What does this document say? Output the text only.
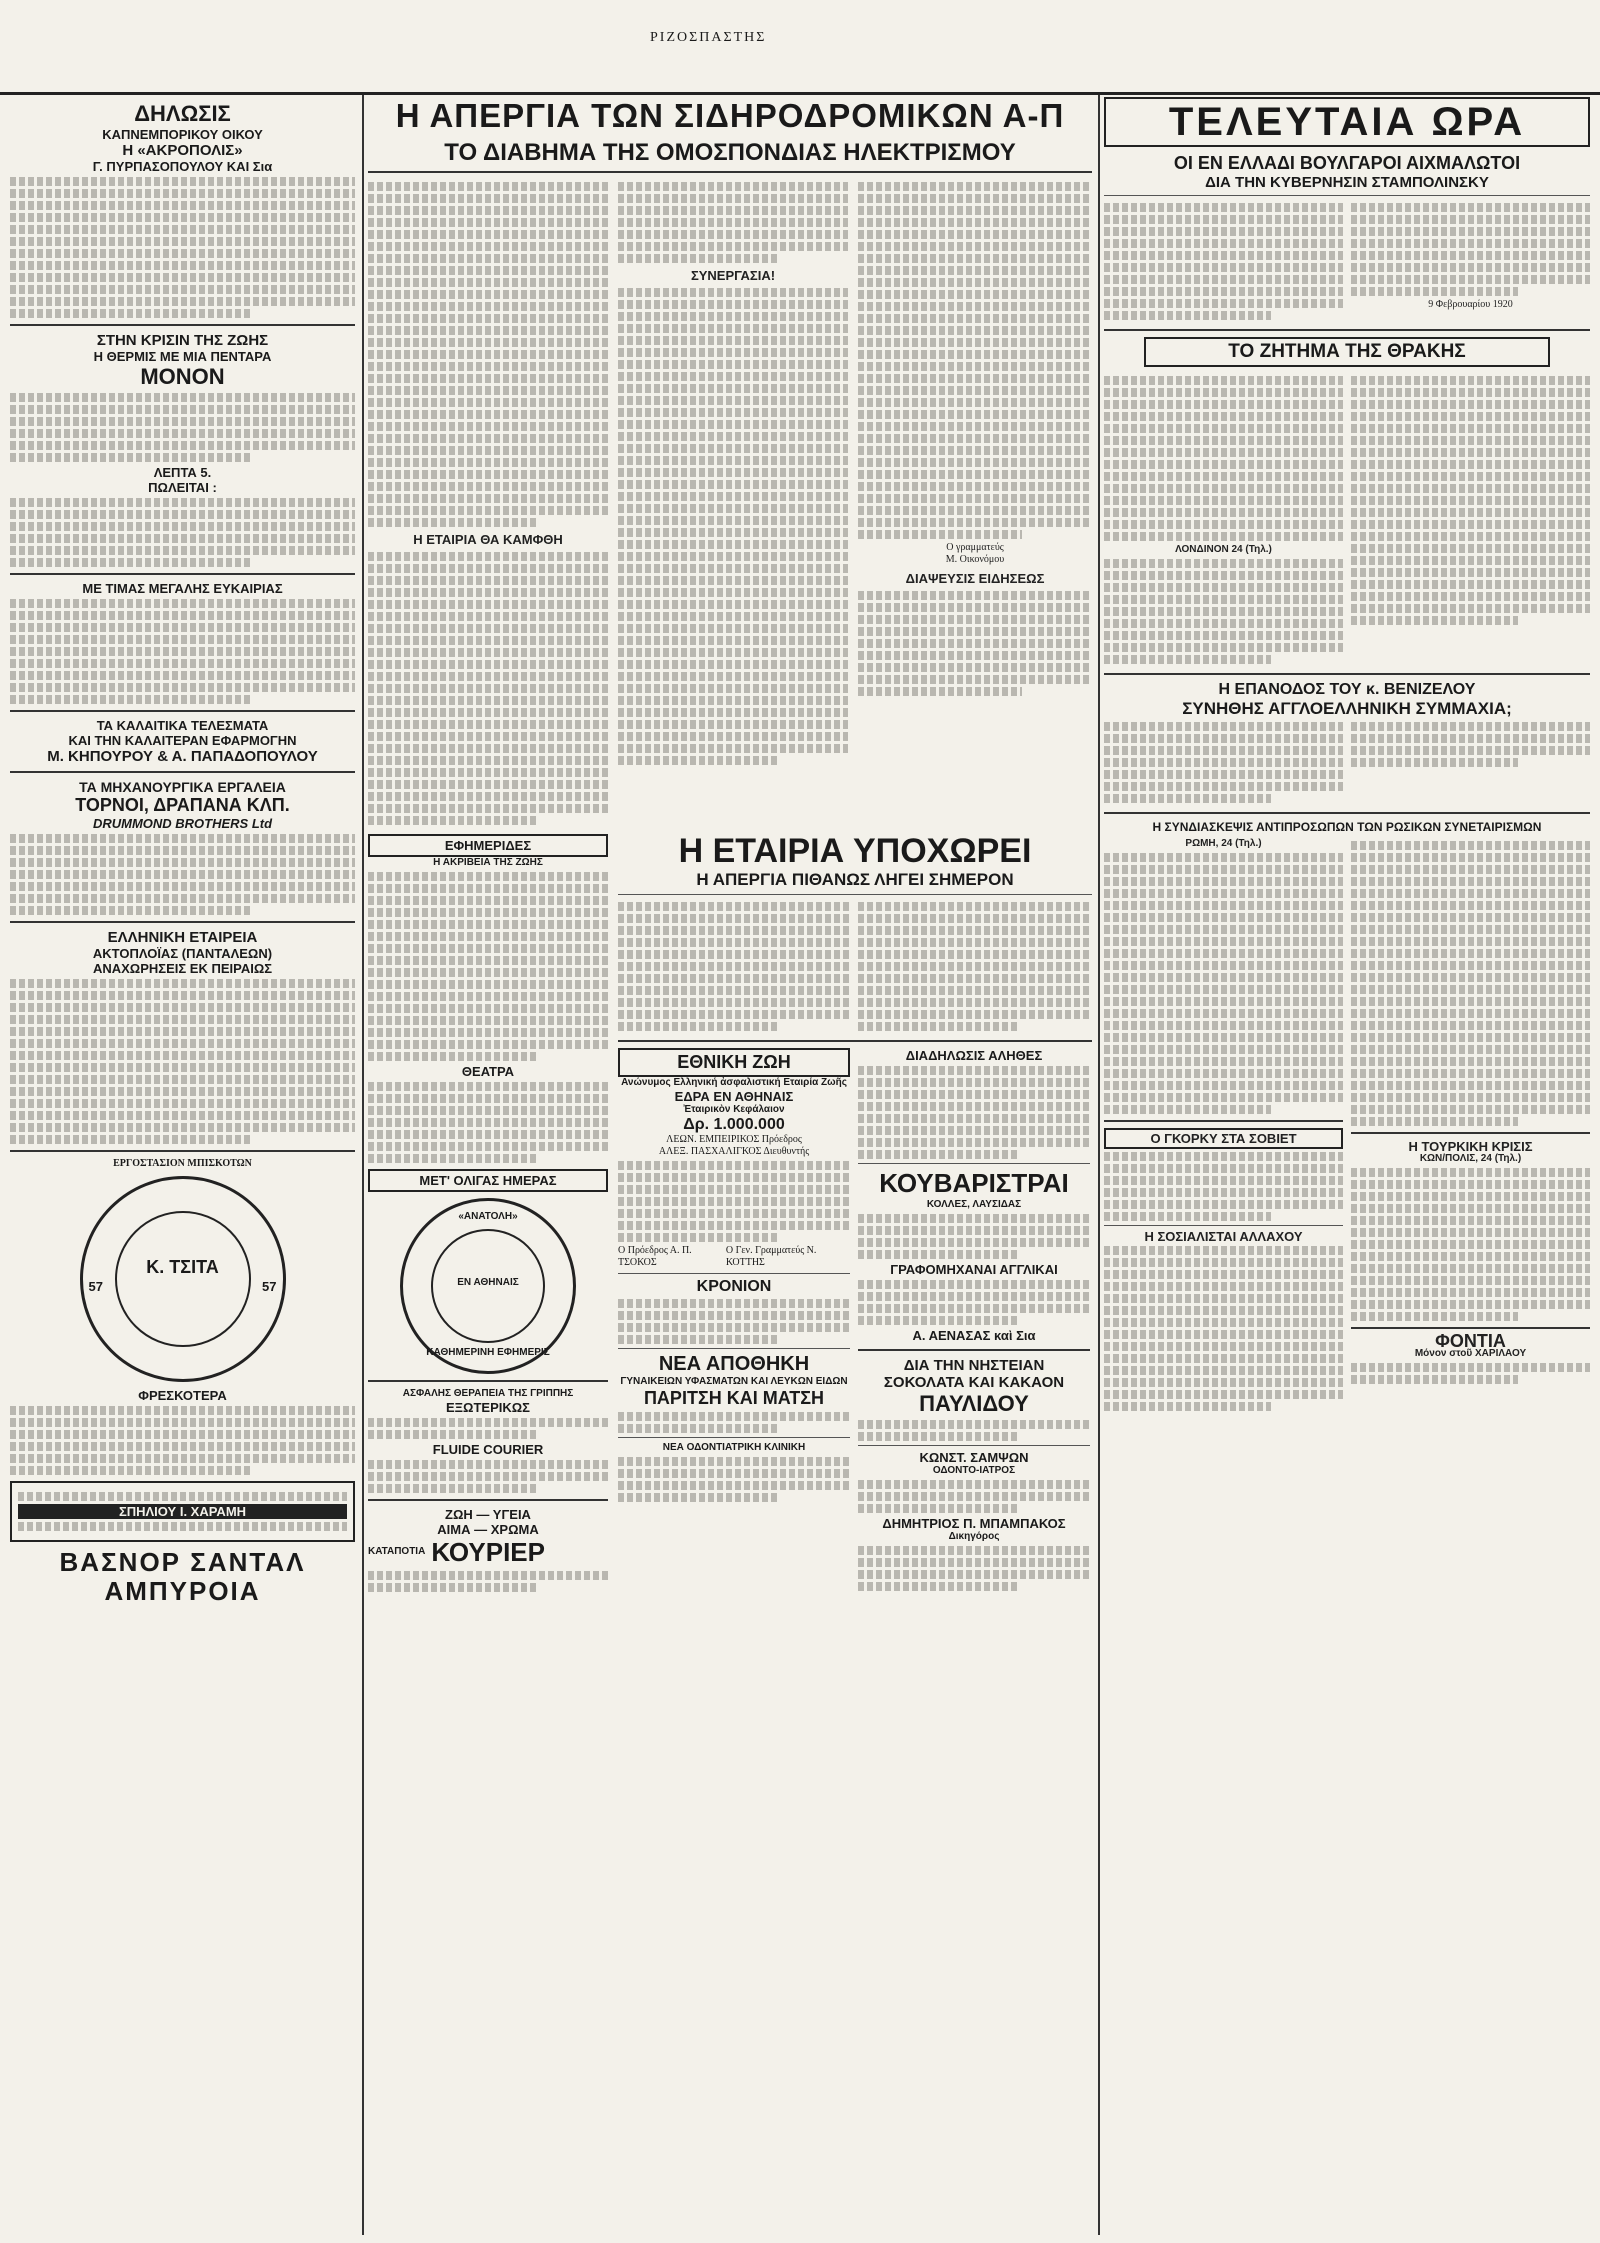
ΡΙΖΟΣΠΑΣΤΗΣ
ΔΗΛΩΣΙΣ
ΚΑΠΝΕΜΠΟΡΙΚΟΥ ΟΙΚΟΥ
Η «ΑΚΡΟΠΟΛΙΣ»
Γ. ΠΥΡΠΑΣΟΠΟΥΛΟΥ ΚΑΙ Σια
ΣΤΗΝ ΚΡΙΣΙΝ ΤΗΣ ΖΩΗΣ
Η ΘΕΡΜΙΣ ΜΕ ΜΙΑ ΠΕΝΤΑΡΑ
ΜΟΝΟΝ
ΛΕΠΤΑ 5.
ΠΩΛΕΙΤΑΙ :
ΜΕ ΤΙΜΑΣ ΜΕΓΑΛΗΣ ΕΥΚΑΙΡΙΑΣ
ΤΑ ΚΑΛΑΙΤΙΚΑ ΤΕΛΕΣΜΑΤΑ
ΚΑΙ ΤΗΝ ΚΑΛΑΙΤΕΡΑΝ ΕΦΑΡΜΟΓΗΝ
Μ. ΚΗΠΟΥΡΟΥ & Α. ΠΑΠΑΔΟΠΟΥΛΟΥ
ΤΑ ΜΗΧΑΝΟΥΡΓΙΚΑ ΕΡΓΑΛΕΙΑ
ΤΟΡΝΟΙ, ΔΡΑΠΑΝΑ ΚΛΠ.
DRUMMOND BROTHERS Ltd
ΕΛΛΗΝΙΚΗ ΕΤΑΙΡΕΙΑ
ΑΚΤΟΠΛΟΪΑΣ (ΠΑΝΤΑΛΕΩΝ)
ΑΝΑΧΩΡΗΣΕΙΣ ΕΚ ΠΕΙΡΑΙΩΣ
ΕΡΓΟΣΤΑΣΙΟΝ ΜΠΙΣΚΟΤΩΝ
Κ. ΤΣΙΤΑ
57	57
ΦΡΕΣΚΟΤΕΡΑ
ΣΠΗΛΙΟΥ Ι. ΧΑΡΑΜΗ
ΒΑΣΝΟΡ ΣΑΝΤΑΛ ΑΜΠΥΡΟΙΑ
Η ΑΠΕΡΓΙΑ ΤΩΝ ΣΙΔΗΡΟΔΡΟΜΙΚΩΝ Α-Π
ΤΟ ΔΙΑΒΗΜΑ ΤΗΣ ΟΜΟΣΠΟΝΔΙΑΣ ΗΛΕΚΤΡΙΣΜΟΥ
Η ΕΤΑΙΡΙΑ ΘΑ ΚΑΜΦΘΗ
ΣΥΝΕΡΓΑΣΙΑ!
Ο γραμματεύς
Μ. Οικονόμου
ΔΙΑΨΕΥΣΙΣ ΕΙΔΗΣΕΩΣ
ΕΦΗΜΕΡΙΔΕΣ
Η ΑΚΡΙΒΕΙΑ ΤΗΣ ΖΩΗΣ
ΘΕΑΤΡΑ
ΜΕΤ' ΟΛΙΓΑΣ ΗΜΕΡΑΣ
«ΑΝΑΤΟΛΗ»
ΕΝ ΑΘΗΝΑΙΣ
ΚΑΘΗΜΕΡΙΝΗ ΕΦΗΜΕΡΙΣ
ΑΣΦΑΛΗΣ ΘΕΡΑΠΕΙΑ ΤΗΣ ΓΡΙΠΠΗΣ
ΕΞΩΤΕΡΙΚΩΣ
FLUIDE COURIER
ΖΩΗ — ΥΓΕΙΑ
ΑΙΜΑ — ΧΡΩΜΑ
ΚΑΤΑΠΟΤΙΑ ΚΟΥΡΙΕΡ
Η ΕΤΑΙΡΙΑ ΥΠΟΧΩΡΕΙ
Η ΑΠΕΡΓΙΑ ΠΙΘΑΝΩΣ ΛΗΓΕΙ ΣΗΜΕΡΟΝ
ΕΘΝΙΚΗ ΖΩΗ
Ανώνυμος Ελληνική ἀσφαλιστική Εταιρία Ζωῆς
ΕΔΡΑ ΕΝ ΑΘΗΝΑΙΣ
Ἐταιρικὸν Κεφάλαιον
Δρ. 1.000.000
ΛΕΩΝ. ΕΜΠΕΙΡΙΚΟΣ Πρόεδρος
ΑΛΕΞ. ΠΑΣΧΑΛΙΓΚΟΣ Διευθυντής
Ο Πρόεδρος Α. Π. ΤΣΟΚΟΣ
Ο Γεν. Γραμματεύς Ν. ΚΟΤΤΗΣ
ΚΡΟΝΙΟΝ
ΝΕΑ ΑΠΟΘΗΚΗ
ΓΥΝΑΙΚΕΙΩΝ ΥΦΑΣΜΑΤΩΝ ΚΑΙ ΛΕΥΚΩΝ ΕΙΔΩΝ
ΠΑΡΙΤΣΗ ΚΑΙ ΜΑΤΣΗ
ΝΕΑ ΟΔΟΝΤΙΑΤΡΙΚΗ ΚΛΙΝΙΚΗ
ΔΙΑΔΗΛΩΣΙΣ ΑΛΗΘΕΣ
ΚΟΥΒΑΡΙΣΤΡΑΙ
ΚΟΛΛΕΣ, ΛΑΥΣΙΔΑΣ
ΓΡΑΦΟΜΗΧΑΝΑΙ ΑΓΓΛΙΚΑΙ
Α. ΑΕΝΑΣΑΣ καὶ Σια
ΔΙΑ ΤΗΝ ΝΗΣΤΕΙΑΝ
ΣΟΚΟΛΑΤΑ ΚΑΙ ΚΑΚΑΟΝ
ΠΑΥΛΙΔΟΥ
ΚΩΝΣΤ. ΣΑΜΨΩΝ
ΟΔΟΝΤΟ-ΙΑΤΡΟΣ
ΔΗΜΗΤΡΙΟΣ Π. ΜΠΑΜΠΑΚΟΣ
Δικηγόρος
ΤΕΛΕΥΤΑΙΑ ΩΡΑ
ΟΙ ΕΝ ΕΛΛΑΔΙ ΒΟΥΛΓΑΡΟΙ ΑΙΧΜΑΛΩΤΟΙ
ΔΙΑ ΤΗΝ ΚΥΒΕΡΝΗΣΙΝ ΣΤΑΜΠΟΛΙΝΣΚΥ
9 Φεβρουαρίου 1920
ΤΟ ΖΗΤΗΜΑ ΤΗΣ ΘΡΑΚΗΣ
ΛΟΝΔΙΝΟΝ 24 (Τηλ.)
Η ΕΠΑΝΟΔΟΣ ΤΟΥ κ. ΒΕΝΙΖΕΛΟΥ
ΣΥΝΗΘΗΣ ΑΓΓΛΟΕΛΛΗΝΙΚΗ ΣΥΜΜΑΧΙΑ;
Η ΣΥΝΔΙΑΣΚΕΨΙΣ ΑΝΤΙΠΡΟΣΩΠΩΝ ΤΩΝ ΡΩΣΙΚΩΝ ΣΥΝΕΤΑΙΡΙΣΜΩΝ
ΡΩΜΗ, 24 (Τηλ.)
Ο ΓΚΟΡΚΥ ΣΤΑ ΣΟΒΙΕΤ
Η ΣΟΣΙΑΛΙΣΤΑΙ ΑΛΛΑΧΟΥ
Η ΤΟΥΡΚΙΚΗ ΚΡΙΣΙΣ
ΚΩΝ/ΠΟΛΙΣ, 24 (Τηλ.)
ΦΟΝΤΙΑ
Μόνον στοῦ ΧΑΡΙΛΑΟΥ
